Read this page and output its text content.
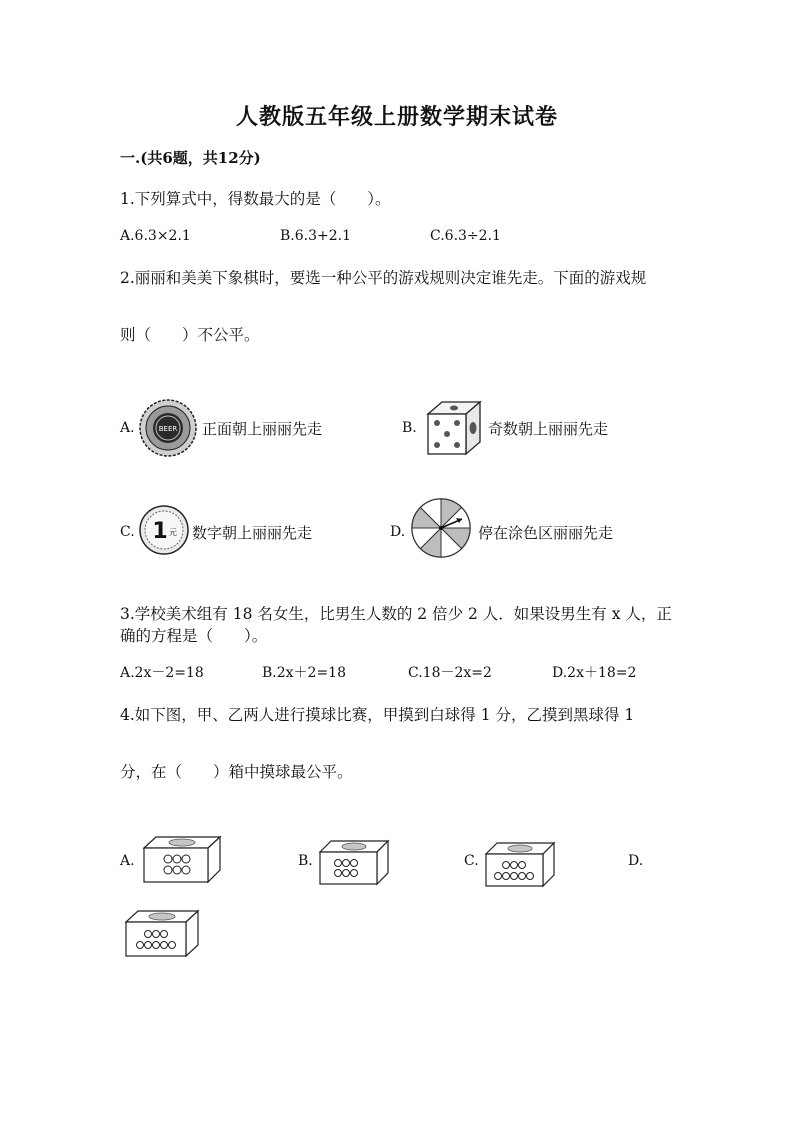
人教版五年级上册数学期末试卷
一.(共6题，共12分)
1.下列算式中，得数最大的是（　　）。
A.6.3×2.1	B.6.3+2.1	C.6.3÷2.1
2.丽丽和美美下象棋时，要选一种公平的游戏规则决定谁先走。下面的游戏规
则（　　）不公平。
A.	BEER 正面朝上丽丽先走	B.	奇数朝上丽丽先走
C. 1 元 数字朝上丽丽先走	D.	停在涂色区丽丽先走
3.学校美术组有 18 名女生，比男生人数的 2 倍少 2 人．如果设男生有 x 人，正
确的方程是（　　）。
A.2x－2=18	B.2x＋2=18	C.18－2x=2	D.2x＋18=2
4.如下图，甲、乙两人进行摸球比赛，甲摸到白球得 1 分，乙摸到黑球得 1
分，在（　　）箱中摸球最公平。
A.	B.	C.	D.
